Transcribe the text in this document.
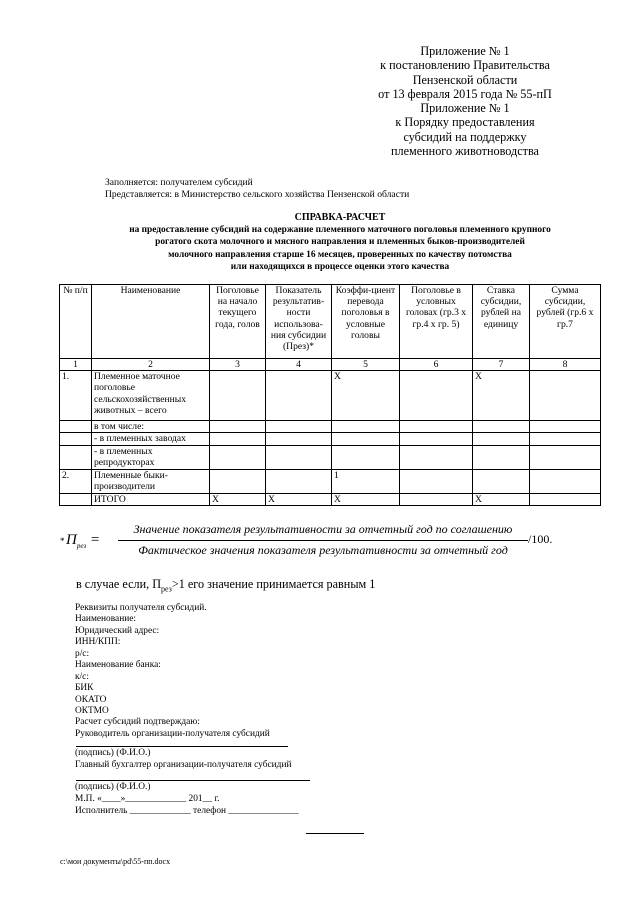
Приложение № 1
к постановлению Правительства
Пензенской области
от 13 февраля 2015 года № 55-пП
Приложение № 1
к Порядку предоставления
субсидий на поддержку
племенного животноводства
Заполняется: получателем субсидий
Представляется: в Министерство сельского хозяйства Пензенской области
СПРАВКА-РАСЧЕТ
на предоставление субсидий на содержание племенного маточного поголовья племенного крупного
рогатого скота молочного и мясного направления и племенных быков-производителей
молочного направления старше 16 месяцев, проверенных по качеству потомства
или находящихся в процессе оценки этого качества
№ п/п	Наименование	Поголовье на начало текущего года, голов	Показатель результатив-ности использова-ния субсидии (През)*	Коэффи-циент перевода поголовья в условные головы	Поголовье в условных головах (гр.3 х гр.4 х гр. 5)	Ставка субсидии, рублей на единицу	Сумма субсидии, рублей (гр.6 х гр.7
1	2	3	4	5	6	7	8
1.	Племенное маточное поголовье сельскохозяйственных животных – всего			Х		Х	
	в том числе:						
	- в племенных заводах						
	- в племенных репродукторах						
2.	Племенные быки-производители			1			
	ИТОГО	Х	Х	Х		Х	
* $П_{рез}$ =
Значение показателя результативности за отчетный год по соглашению
Фактическое значения показателя результативности за отчетный год
/100.
в случае если, $П_{рез}>1$ его значение принимается равным 1
Реквизиты получателя субсидий.
Наименование:
Юридический адрес:
ИНН/КПП:
р/с:
Наименование банка:
к/с:
БИК
ОКАТО
ОКТМО
Расчет субсидий подтверждаю:
Руководитель организации-получателя субсидий
(подпись) (Ф.И.О.)
Главный бухгалтер организации-получателя субсидий
(подпись) (Ф.И.О.)
М.П. «____»_____________ 201__ г.
Исполнитель _____________ телефон _______________
c:\мои документы\pd\55-пп.docx
